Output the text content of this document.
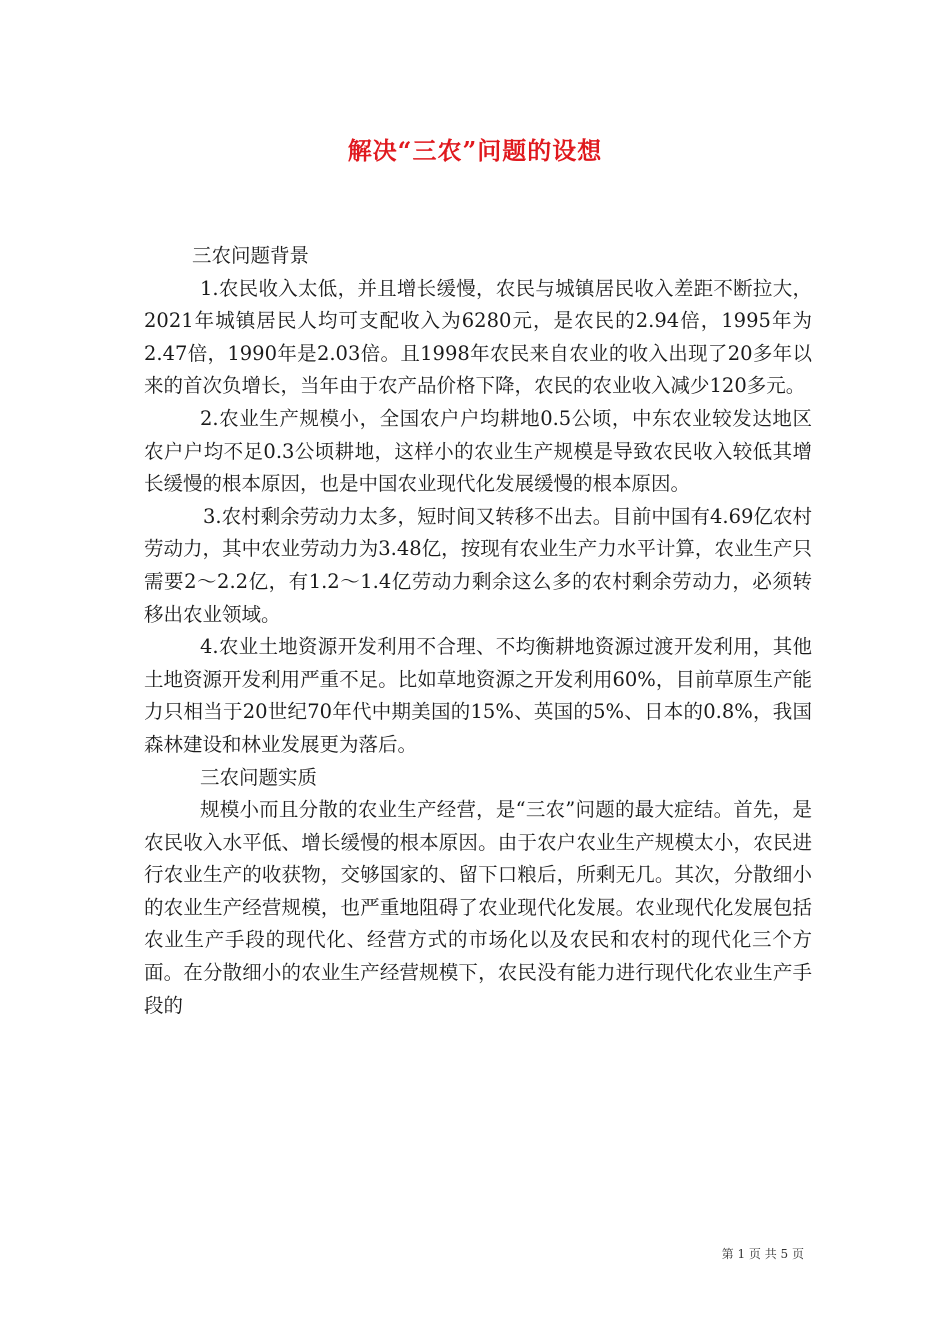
解决“三农”问题的设想

三农问题背景

1.农民收入太低，并且增长缓慢，农民与城镇居民收入差距不断拉大，2021年城镇居民人均可支配收入为6280元，是农民的2.94倍，1995年为2.47倍，1990年是2.03倍。且1998年农民来自农业的收入出现了20多年以来的首次负增长，当年由于农产品价格下降，农民的农业收入减少120多元。

2.农业生产规模小，全国农户户均耕地0.5公顷，中东农业较发达地区农户户均不足0.3公顷耕地，这样小的农业生产规模是导致农民收入较低其增长缓慢的根本原因，也是中国农业现代化发展缓慢的根本原因。

3.农村剩余劳动力太多，短时间又转移不出去。目前中国有4.69亿农村劳动力，其中农业劳动力为3.48亿，按现有农业生产力水平计算，农业生产只需要2～2.2亿，有1.2～1.4亿劳动力剩余这么多的农村剩余劳动力，必须转移出农业领域。

4.农业土地资源开发利用不合理、不均衡耕地资源过渡开发利用，其他土地资源开发利用严重不足。比如草地资源之开发利用60%，目前草原生产能力只相当于20世纪70年代中期美国的15%、英国的5%、日本的0.8%，我国森林建设和林业发展更为落后。

三农问题实质

规模小而且分散的农业生产经营，是“三农”问题的最大症结。首先，是农民收入水平低、增长缓慢的根本原因。由于农户农业生产规模太小，农民进行农业生产的收获物，交够国家的、留下口粮后，所剩无几。其次，分散细小的农业生产经营规模，也严重地阻碍了农业现代化发展。农业现代化发展包括农业生产手段的现代化、经营方式的市场化以及农民和农村的现代化三个方面。在分散细小的农业生产经营规模下，农民没有能力进行现代化农业生产手段的

第 1 页 共 5 页
